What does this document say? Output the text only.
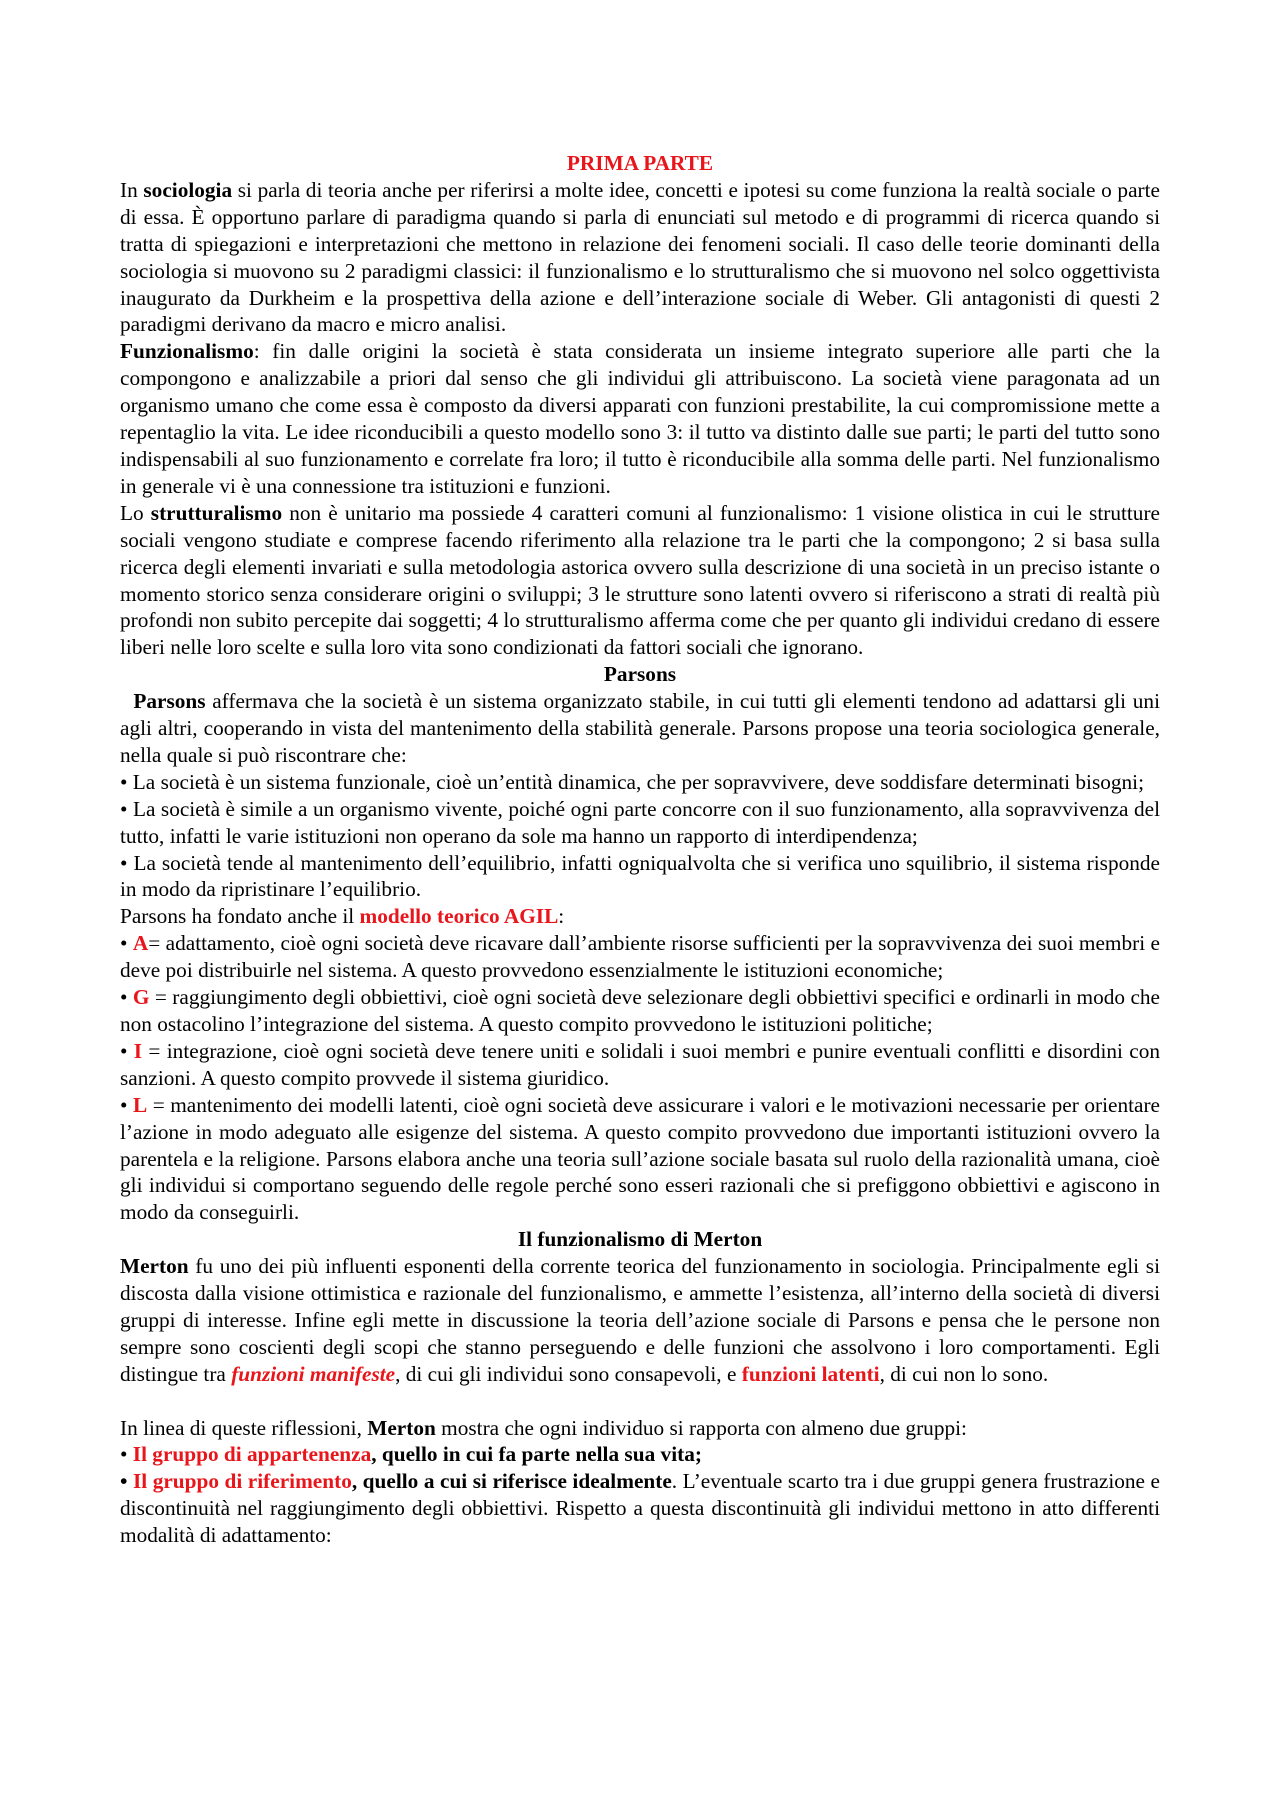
PRIMA PARTE

In sociologia si parla di teoria anche per riferirsi a molte idee, concetti e ipotesi su come funziona la realtà sociale o parte di essa. È opportuno parlare di paradigma quando si parla di enunciati sul metodo e di programmi di ricerca quando si tratta di spiegazioni e interpretazioni che mettono in relazione dei fenomeni sociali. Il caso delle teorie dominanti della sociologia si muovono su 2 paradigmi classici: il funzionalismo e lo strutturalismo che si muovono nel solco oggettivista inaugurato da Durkheim e la prospettiva della azione e dell’interazione sociale di Weber. Gli antagonisti di questi 2 paradigmi derivano da macro e micro analisi.

Funzionalismo: fin dalle origini la società è stata considerata un insieme integrato superiore alle parti che la compongono e analizzabile a priori dal senso che gli individui gli attribuiscono. La società viene paragonata ad un organismo umano che come essa è composto da diversi apparati con funzioni prestabilite, la cui compromissione mette a repentaglio la vita. Le idee riconducibili a questo modello sono 3: il tutto va distinto dalle sue parti; le parti del tutto sono indispensabili al suo funzionamento e correlate fra loro; il tutto è riconducibile alla somma delle parti. Nel funzionalismo in generale vi è una connessione tra istituzioni e funzioni.

Lo strutturalismo non è unitario ma possiede 4 caratteri comuni al funzionalismo: 1 visione olistica in cui le strutture sociali vengono studiate e comprese facendo riferimento alla relazione tra le parti che la compongono; 2 si basa sulla ricerca degli elementi invariati e sulla metodologia astorica ovvero sulla descrizione di una società in un preciso istante o momento storico senza considerare origini o sviluppi; 3 le strutture sono latenti ovvero si riferiscono a strati di realtà più profondi non subito percepite dai soggetti; 4 lo strutturalismo afferma come che per quanto gli individui credano di essere liberi nelle loro scelte e sulla loro vita sono condizionati da fattori sociali che ignorano.

Parsons

Parsons affermava che la società è un sistema organizzato stabile, in cui tutti gli elementi tendono ad adattarsi gli uni agli altri, cooperando in vista del mantenimento della stabilità generale. Parsons propose una teoria sociologica generale, nella quale si può riscontrare che:

• La società è un sistema funzionale, cioè un’entità dinamica, che per sopravvivere, deve soddisfare determinati bisogni;

• La società è simile a un organismo vivente, poiché ogni parte concorre con il suo funzionamento, alla sopravvivenza del tutto, infatti le varie istituzioni non operano da sole ma hanno un rapporto di interdipendenza;

• La società tende al mantenimento dell’equilibrio, infatti ogniqualvolta che si verifica uno squilibrio, il sistema risponde in modo da ripristinare l’equilibrio.

Parsons ha fondato anche il modello teorico AGIL:

• A= adattamento, cioè ogni società deve ricavare dall’ambiente risorse sufficienti per la sopravvivenza dei suoi membri e deve poi distribuirle nel sistema. A questo provvedono essenzialmente le istituzioni economiche;

• G = raggiungimento degli obbiettivi, cioè ogni società deve selezionare degli obbiettivi specifici e ordinarli in modo che non ostacolino l’integrazione del sistema. A questo compito provvedono le istituzioni politiche;

• I = integrazione, cioè ogni società deve tenere uniti e solidali i suoi membri e punire eventuali conflitti e disordini con sanzioni. A questo compito provvede il sistema giuridico.

• L = mantenimento dei modelli latenti, cioè ogni società deve assicurare i valori e le motivazioni necessarie per orientare l’azione in modo adeguato alle esigenze del sistema. A questo compito provvedono due importanti istituzioni ovvero la parentela e la religione. Parsons elabora anche una teoria sull’azione sociale basata sul ruolo della razionalità umana, cioè gli individui si comportano seguendo delle regole perché sono esseri razionali che si prefiggono obbiettivi e agiscono in modo da conseguirli.

Il funzionalismo di Merton

Merton fu uno dei più influenti esponenti della corrente teorica del funzionamento in sociologia. Principalmente egli si discosta dalla visione ottimistica e razionale del funzionalismo, e ammette l’esistenza, all’interno della società di diversi gruppi di interesse. Infine egli mette in discussione la teoria dell’azione sociale di Parsons e pensa che le persone non sempre sono coscienti degli scopi che stanno perseguendo e delle funzioni che assolvono i loro comportamenti. Egli distingue tra funzioni manifeste, di cui gli individui sono consapevoli, e funzioni latenti, di cui non lo sono.

In linea di queste riflessioni, Merton mostra che ogni individuo si rapporta con almeno due gruppi:

• Il gruppo di appartenenza, quello in cui fa parte nella sua vita;

• Il gruppo di riferimento, quello a cui si riferisce idealmente. L’eventuale scarto tra i due gruppi genera frustrazione e discontinuità nel raggiungimento degli obbiettivi. Rispetto a questa discontinuità gli individui mettono in atto differenti modalità di adattamento:
